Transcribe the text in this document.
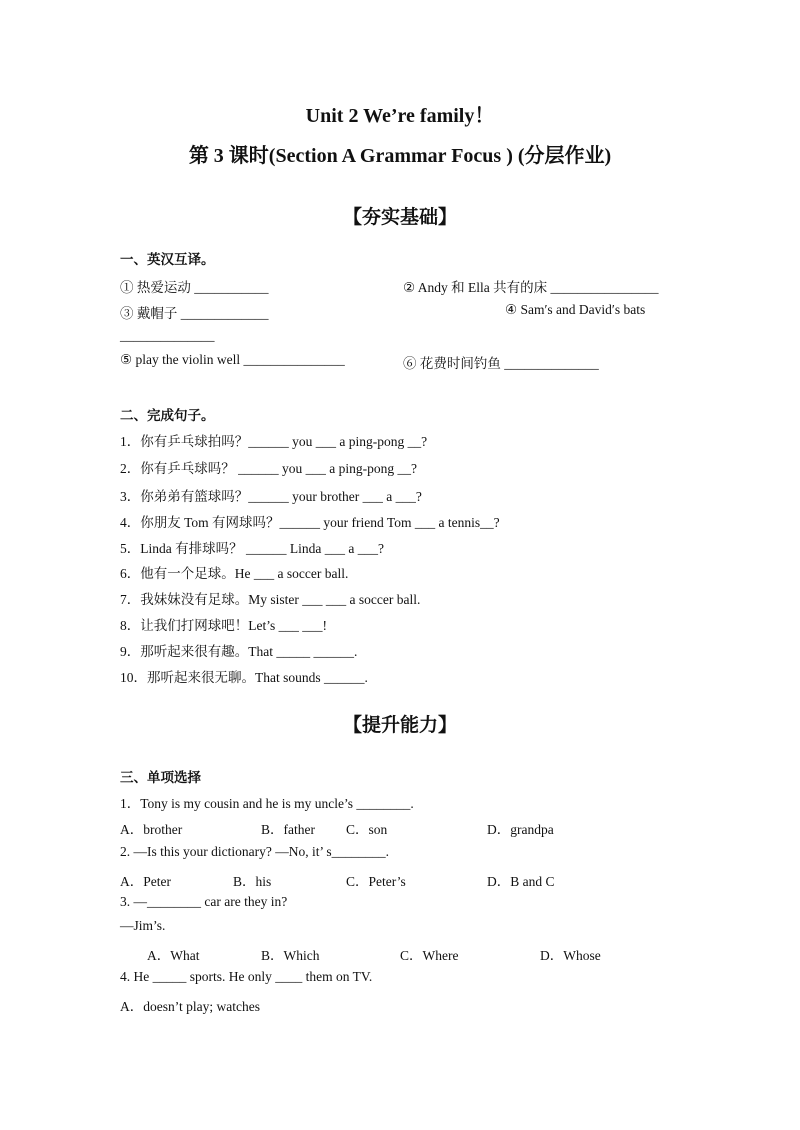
Unit 2 We’re family！
第 3 课时(Section A Grammar Focus ) (分层作业)
【夯实基础】
一、英汉互译。
① 热爱运动 ___________	② Andy 和 Ella 共有的床 ________________
③ 戴帽子 _____________	④ Sam′s and David′s bats
______________
⑤ play the violin well _______________	⑥ 花费时间钓鱼 ______________
二、完成句子。
1．你有乒乓球拍吗？______ you ___ a ping-pong __?
2．你有乒乓球吗？ ______ you ___ a ping-pong __?
3．你弟弟有篮球吗？______ your brother ___ a ___?
4．你朋友 Tom 有网球吗？______ your friend Tom ___ a tennis__?
5．Linda 有排球吗？ ______ Linda ___ a ___?
6．他有一个足球。He ___ a soccer ball.
7．我妹妹没有足球。My sister ___ ___ a soccer ball.
8．让我们打网球吧！Let’s ___ ___!
9．那听起来很有趣。That _____ ______.
10．那听起来很无聊。That sounds ______.
【提升能力】
三、单项选择
1．Tony is my cousin and he is my uncle’s ________.
A．brother	B．father C．son	D．grandpa
2. —Is this your dictionary? —No, it’ s________.
A．Peter	B．his	C．Peter’s	D．B and C
3. —________ car are they in?
—Jim’s.
A．What	B．Which	C．Where	D．Whose
4. He _____ sports. He only ____ them on TV.
A．doesn’t play; watches
